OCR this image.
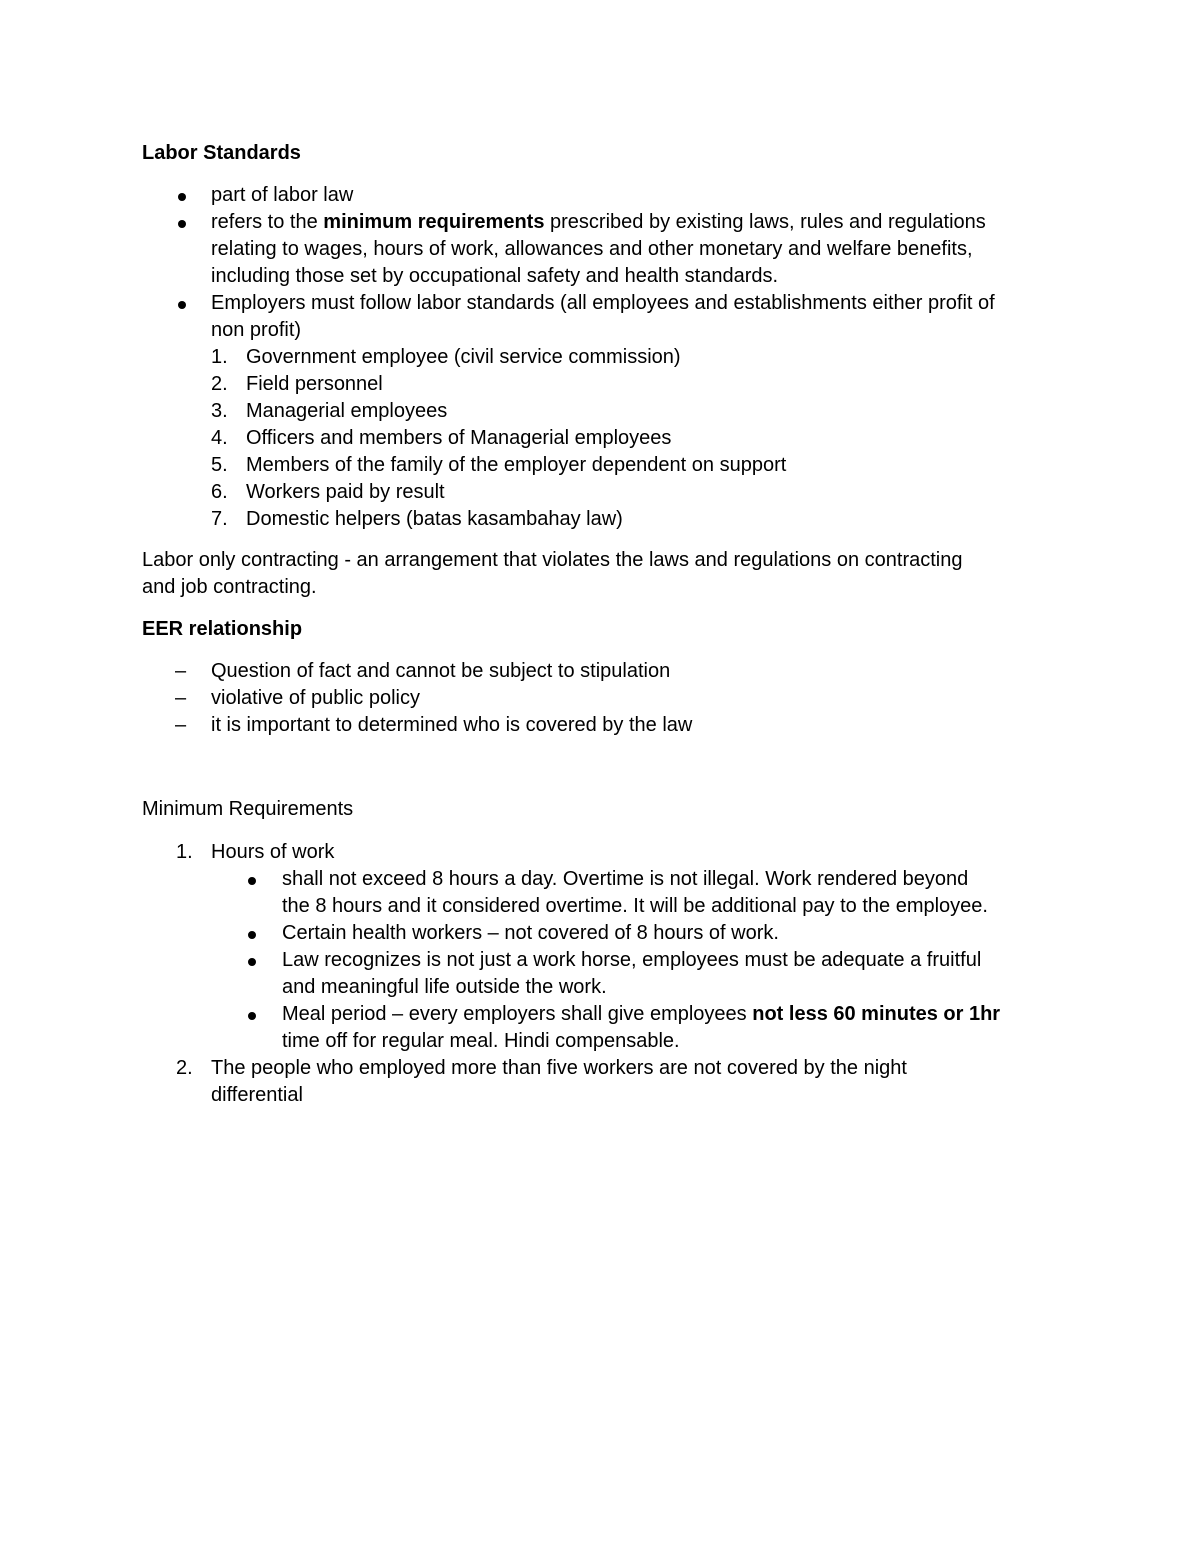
Labor Standards
part of labor law
refers to the minimum requirements prescribed by existing laws, rules and regulations
relating to wages, hours of work, allowances and other monetary and welfare benefits,
including those set by occupational safety and health standards.
Employers must follow labor standards (all employees and establishments either profit of
non profit)
1. Government employee (civil service commission)
2. Field personnel
3. Managerial employees
4. Officers and members of Managerial employees
5. Members of the family of the employer dependent on support
6. Workers paid by result
7. Domestic helpers (batas kasambahay law)
Labor only contracting - an arrangement that violates the laws and regulations on contracting
and job contracting.
EER relationship
– Question of fact and cannot be subject to stipulation
– violative of public policy
– it is important to determined who is covered by the law
Minimum Requirements
1. Hours of work
shall not exceed 8 hours a day. Overtime is not illegal. Work rendered beyond
the 8 hours and it considered overtime. It will be additional pay to the employee.
Certain health workers – not covered of 8 hours of work.
Law recognizes is not just a work horse, employees must be adequate a fruitful
and meaningful life outside the work.
Meal period – every employers shall give employees not less 60 minutes or 1hr
time off for regular meal. Hindi compensable.
2. The people who employed more than five workers are not covered by the night
differential
